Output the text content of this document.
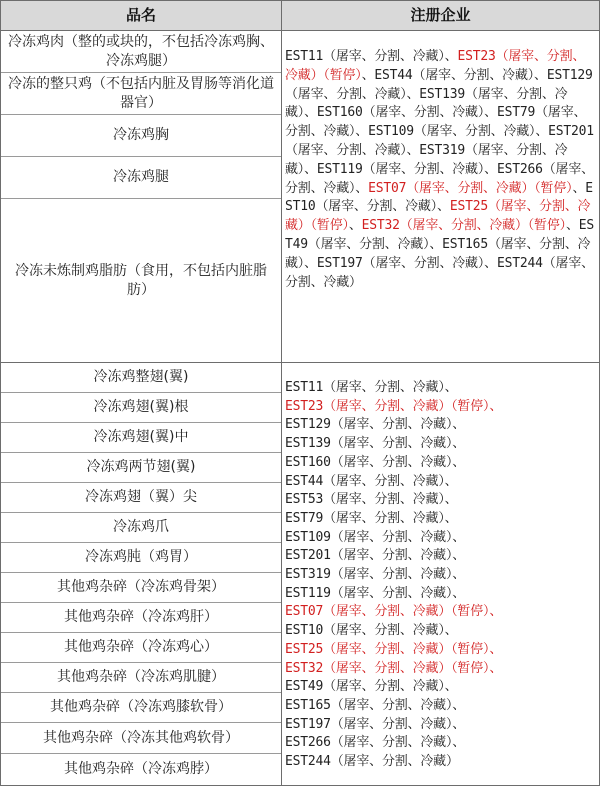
品名	注册企业
冷冻鸡肉（整的或块的，不包括冷冻鸡胸、冷冻鸡腿）
冷冻的整只鸡（不包括内脏及胃肠等消化道器官）
冷冻鸡胸
冷冻鸡腿
冷冻未炼制鸡脂肪（食用，不包括内脏脂肪）
EST11（屠宰、分割、冷藏）、EST23（屠宰、分割、冷藏）（暂停）、EST44（屠宰、分割、冷藏）、EST129（屠宰、分割、冷藏）、EST139（屠宰、分割、冷藏）、EST160（屠宰、分割、冷藏）、EST79（屠宰、分割、冷藏）、EST109（屠宰、分割、冷藏）、EST201（屠宰、分割、冷藏）、EST319（屠宰、分割、冷藏）、EST119（屠宰、分割、冷藏）、EST266（屠宰、分割、冷藏）、EST07（屠宰、分割、冷藏）（暂停）、EST10（屠宰、分割、冷藏）、EST25（屠宰、分割、冷藏）（暂停）、EST32（屠宰、分割、冷藏）（暂停）、EST49（屠宰、分割、冷藏）、EST165（屠宰、分割、冷藏）、EST197（屠宰、分割、冷藏）、EST244（屠宰、分割、冷藏）
冷冻鸡整翅(翼)
冷冻鸡翅(翼)根
冷冻鸡翅(翼)中
冷冻鸡两节翅(翼)
冷冻鸡翅（翼）尖
冷冻鸡爪
冷冻鸡肫（鸡胃）
其他鸡杂碎（冷冻鸡骨架）
其他鸡杂碎（冷冻鸡肝）
其他鸡杂碎（冷冻鸡心）
其他鸡杂碎（冷冻鸡肌腱）
其他鸡杂碎（冷冻鸡膝软骨）
其他鸡杂碎（冷冻其他鸡软骨）
其他鸡杂碎（冷冻鸡脖）
EST11（屠宰、分割、冷藏）、
EST23（屠宰、分割、冷藏）（暂停）、
EST129（屠宰、分割、冷藏）、
EST139（屠宰、分割、冷藏）、
EST160（屠宰、分割、冷藏）、
EST44（屠宰、分割、冷藏）、
EST53（屠宰、分割、冷藏）、
EST79（屠宰、分割、冷藏）、
EST109（屠宰、分割、冷藏）、
EST201（屠宰、分割、冷藏）、
EST319（屠宰、分割、冷藏）、
EST119（屠宰、分割、冷藏）、
EST07（屠宰、分割、冷藏）（暂停）、
EST10（屠宰、分割、冷藏）、
EST25（屠宰、分割、冷藏）（暂停）、
EST32（屠宰、分割、冷藏）（暂停）、
EST49（屠宰、分割、冷藏）、
EST165（屠宰、分割、冷藏）、
EST197（屠宰、分割、冷藏）、
EST266（屠宰、分割、冷藏）、
EST244（屠宰、分割、冷藏）
